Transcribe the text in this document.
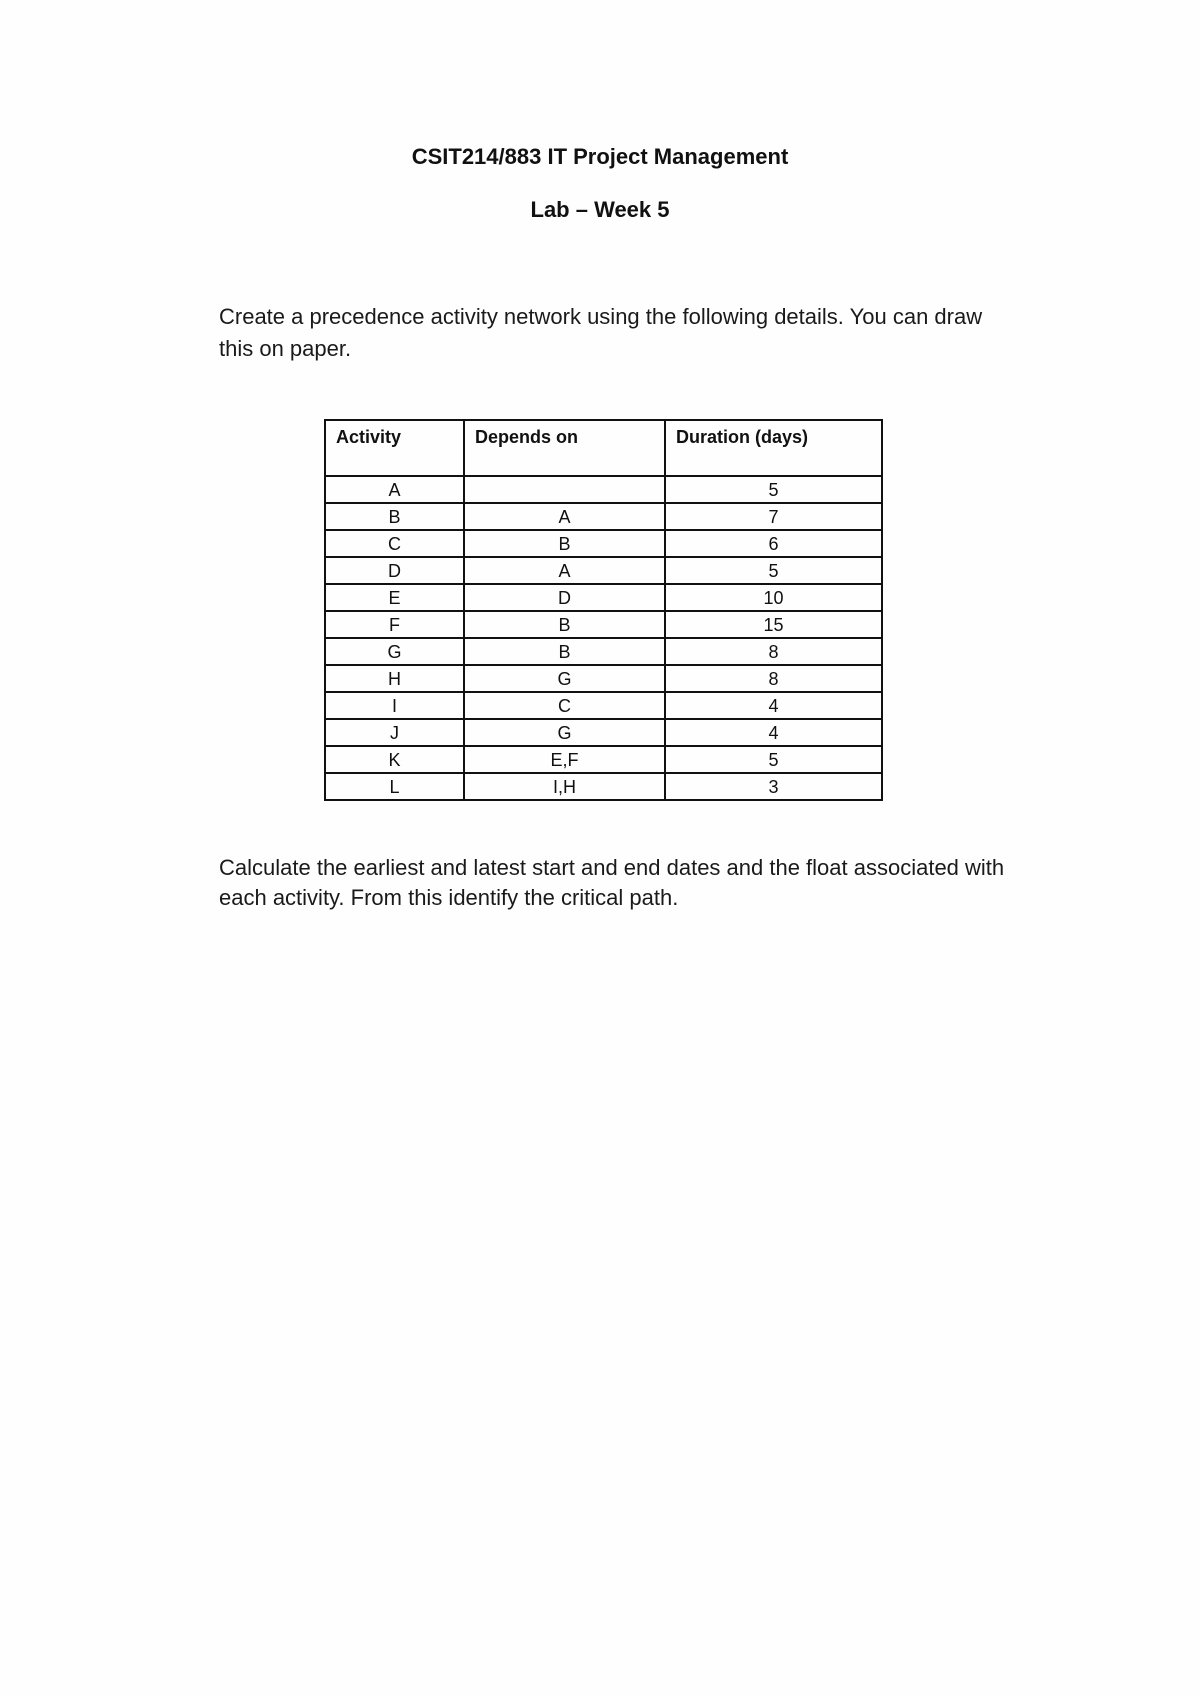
CSIT214/883 IT Project Management
Lab – Week 5
Create a precedence activity network using the following details. You can draw this on paper.
Activity	Depends on	Duration (days)
A		5
B	A	7
C	B	6
D	A	5
E	D	10
F	B	15
G	B	8
H	G	8
I	C	4
J	G	4
K	E,F	5
L	I,H	3
Calculate the earliest and latest start and end dates and the float associated with each activity. From this identify the critical path.
